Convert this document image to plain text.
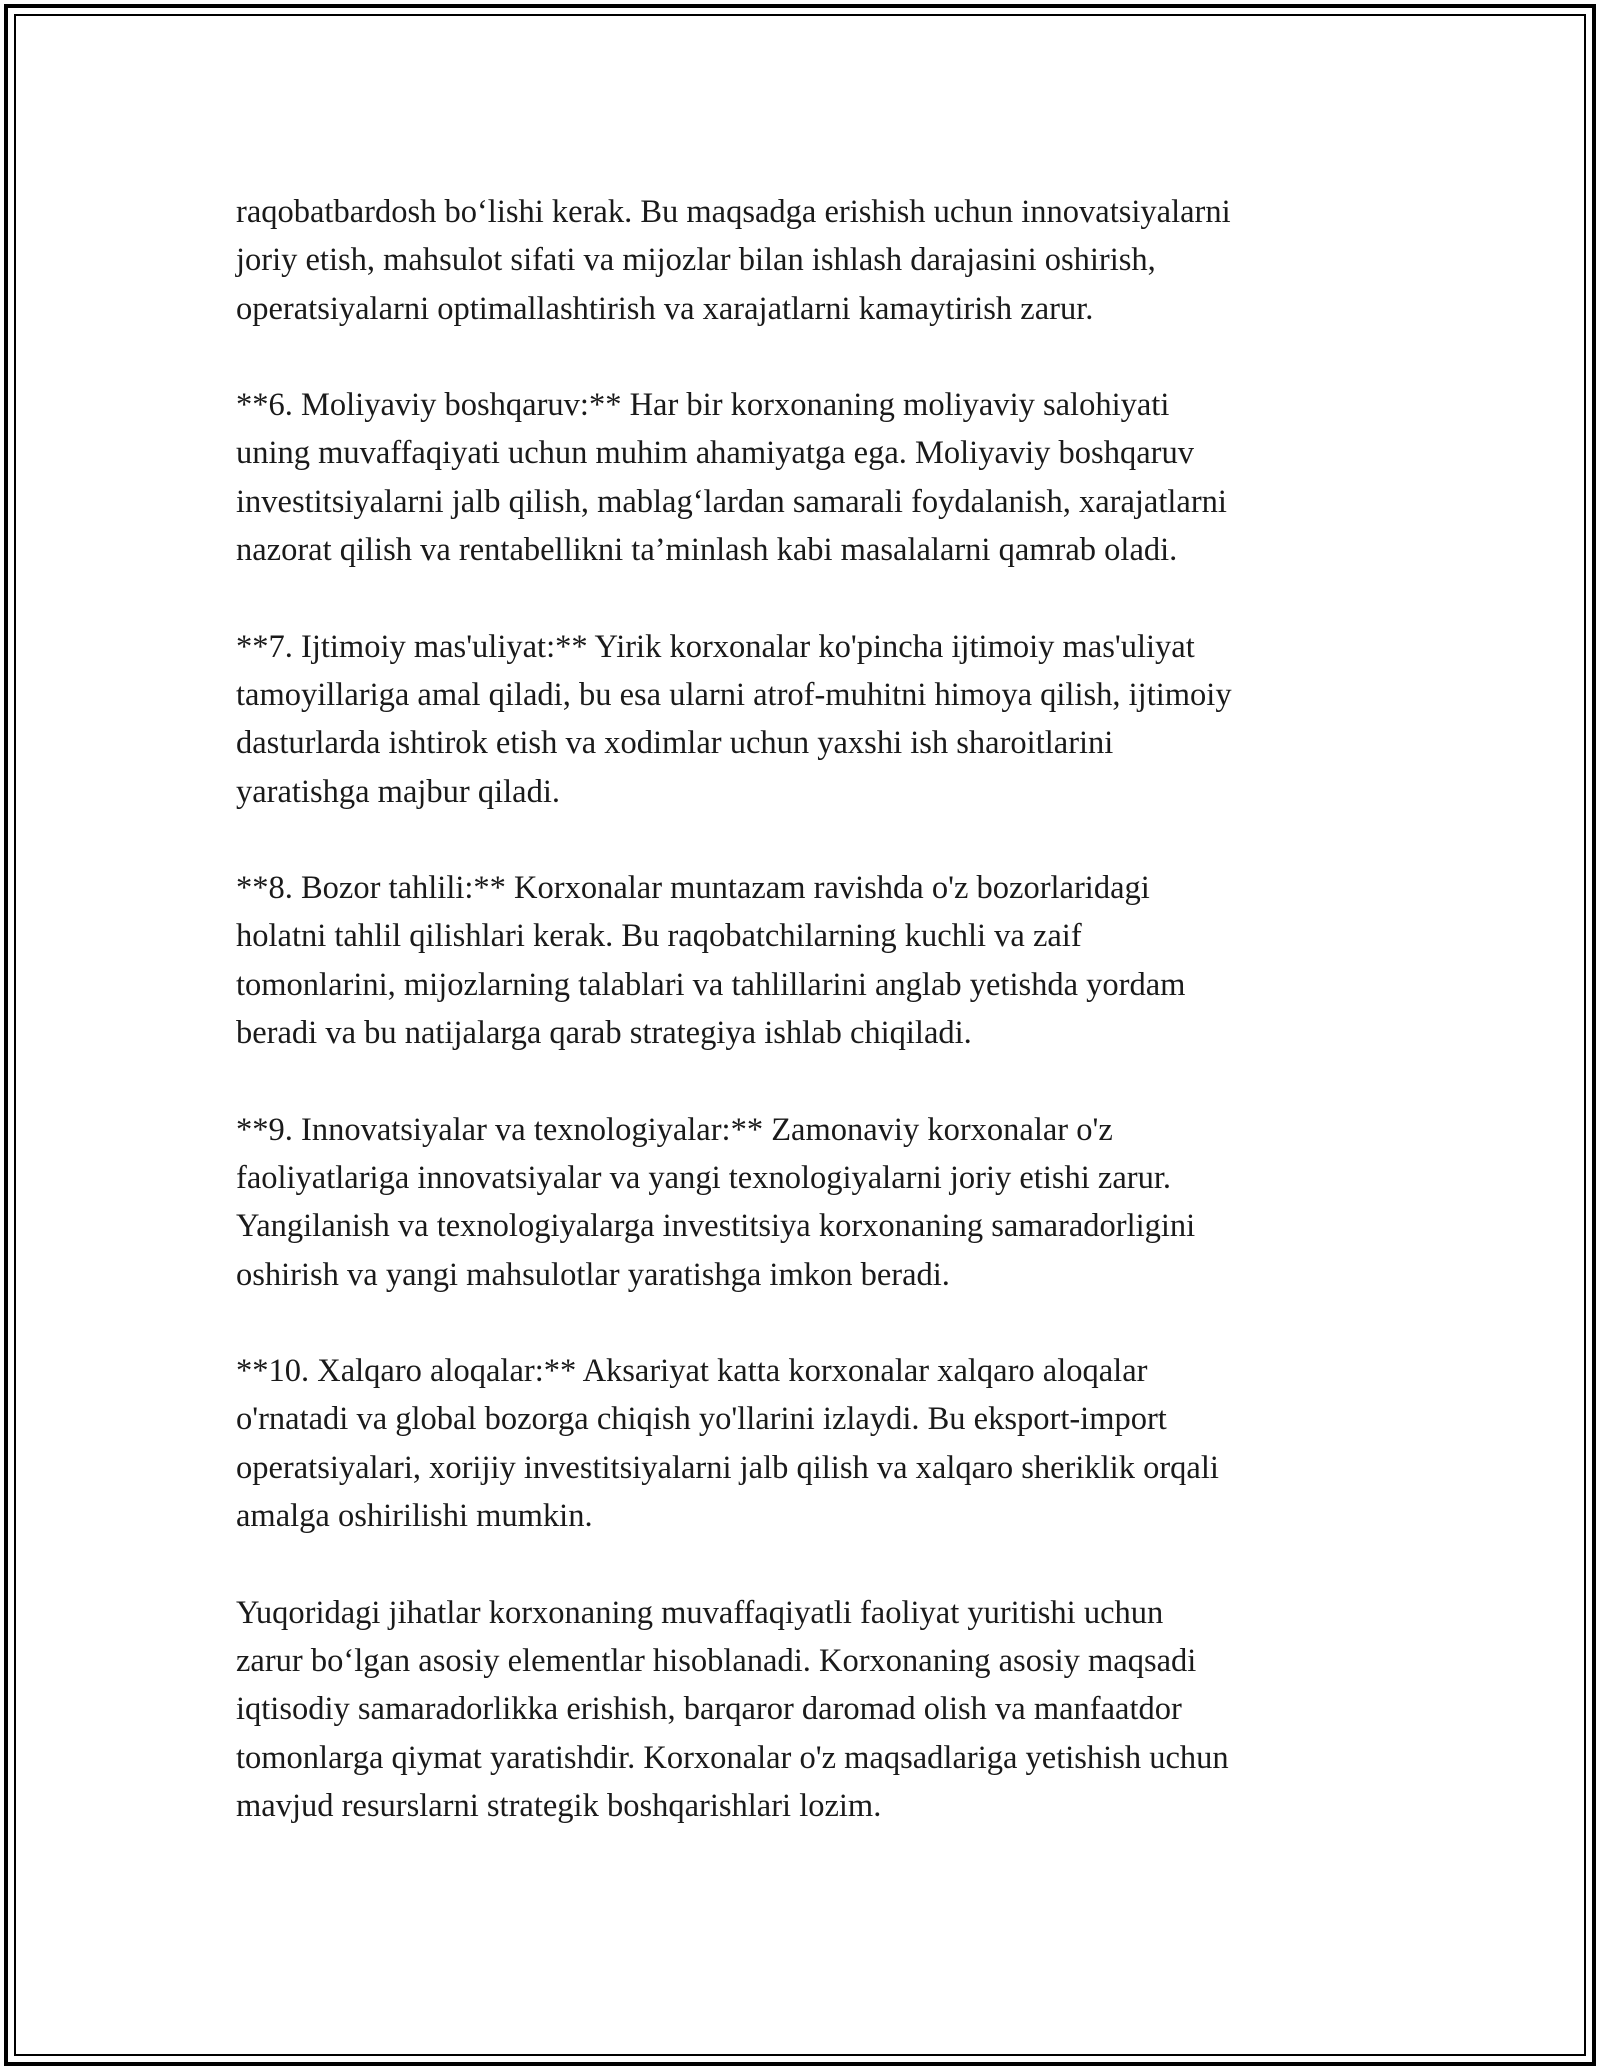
raqobatbardosh bo‘lishi kerak. Bu maqsadga erishish uchun innovatsiyalarni
joriy etish, mahsulot sifati va mijozlar bilan ishlash darajasini oshirish,
operatsiyalarni optimallashtirish va xarajatlarni kamaytirish zarur.

**6. Moliyaviy boshqaruv:** Har bir korxonaning moliyaviy salohiyati
uning muvaffaqiyati uchun muhim ahamiyatga ega. Moliyaviy boshqaruv
investitsiyalarni jalb qilish, mablag‘lardan samarali foydalanish, xarajatlarni
nazorat qilish va rentabellikni ta’minlash kabi masalalarni qamrab oladi.

**7. Ijtimoiy mas'uliyat:** Yirik korxonalar ko'pincha ijtimoiy mas'uliyat
tamoyillariga amal qiladi, bu esa ularni atrof-muhitni himoya qilish, ijtimoiy
dasturlarda ishtirok etish va xodimlar uchun yaxshi ish sharoitlarini
yaratishga majbur qiladi.

**8. Bozor tahlili:** Korxonalar muntazam ravishda o'z bozorlaridagi
holatni tahlil qilishlari kerak. Bu raqobatchilarning kuchli va zaif
tomonlarini, mijozlarning talablari va tahlillarini anglab yetishda yordam
beradi va bu natijalarga qarab strategiya ishlab chiqiladi.

**9. Innovatsiyalar va texnologiyalar:** Zamonaviy korxonalar o'z
faoliyatlariga innovatsiyalar va yangi texnologiyalarni joriy etishi zarur.
Yangilanish va texnologiyalarga investitsiya korxonaning samaradorligini
oshirish va yangi mahsulotlar yaratishga imkon beradi.

**10. Xalqaro aloqalar:** Aksariyat katta korxonalar xalqaro aloqalar
o'rnatadi va global bozorga chiqish yo'llarini izlaydi. Bu eksport-import
operatsiyalari, xorijiy investitsiyalarni jalb qilish va xalqaro sheriklik orqali
amalga oshirilishi mumkin.

Yuqoridagi jihatlar korxonaning muvaffaqiyatli faoliyat yuritishi uchun
zarur bo‘lgan asosiy elementlar hisoblanadi. Korxonaning asosiy maqsadi
iqtisodiy samaradorlikka erishish, barqaror daromad olish va manfaatdor
tomonlarga qiymat yaratishdir. Korxonalar o'z maqsadlariga yetishish uchun
mavjud resurslarni strategik boshqarishlari lozim.
